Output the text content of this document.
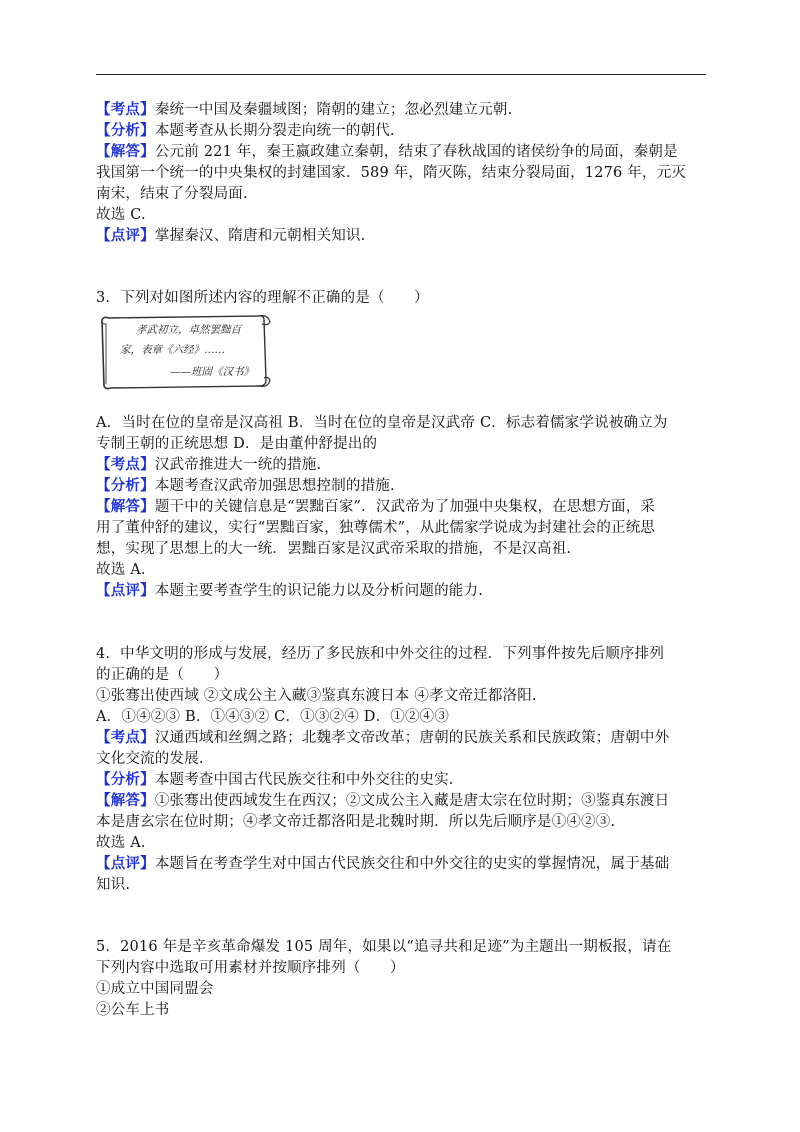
【考点】秦统一中国及秦疆域图；隋朝的建立；忽必烈建立元朝.
【分析】本题考查从长期分裂走向统一的朝代.
【解答】公元前 221 年，秦王嬴政建立秦朝，结束了春秋战国的诸侯纷争的局面，秦朝是
我国第一个统一的中央集权的封建国家．589 年，隋灭陈，结束分裂局面，1276 年，元灭
南宋，结束了分裂局面.
故选 C.
【点评】掌握秦汉、隋唐和元朝相关知识.
3．下列对如图所述内容的理解不正确的是（　　）
孝武初立，卓然罢黜百
家，表章《六经》……
——班固《汉书》
A．当时在位的皇帝是汉高祖 B．当时在位的皇帝是汉武帝 C．标志着儒家学说被确立为
专制王朝的正统思想 D．是由董仲舒提出的
【考点】汉武帝推进大一统的措施.
【分析】本题考查汉武帝加强思想控制的措施.
【解答】题干中的关键信息是“罢黜百家”．汉武帝为了加强中央集权，在思想方面，采
用了董仲舒的建议，实行“罢黜百家，独尊儒术”，从此儒家学说成为封建社会的正统思
想，实现了思想上的大一统．罢黜百家是汉武帝采取的措施，不是汉高祖.
故选 A.
【点评】本题主要考查学生的识记能力以及分析问题的能力.
4．中华文明的形成与发展，经历了多民族和中外交往的过程．下列事件按先后顺序排列
的正确的是（　　）
①张骞出使西域 ②文成公主入藏③鉴真东渡日本 ④孝文帝迁都洛阳.
A．①④②③ B．①④③② C．①③②④ D．①②④③
【考点】汉通西域和丝绸之路；北魏孝文帝改革；唐朝的民族关系和民族政策；唐朝中外
文化交流的发展.
【分析】本题考查中国古代民族交往和中外交往的史实.
【解答】①张骞出使西域发生在西汉；②文成公主入藏是唐太宗在位时期；③鉴真东渡日
本是唐玄宗在位时期；④孝文帝迁都洛阳是北魏时期．所以先后顺序是①④②③.
故选 A.
【点评】本题旨在考查学生对中国古代民族交往和中外交往的史实的掌握情况，属于基础
知识.
5．2016 年是辛亥革命爆发 105 周年，如果以“追寻共和足迹”为主题出一期板报，请在
下列内容中选取可用素材并按顺序排列（　　）
①成立中国同盟会
②公车上书
